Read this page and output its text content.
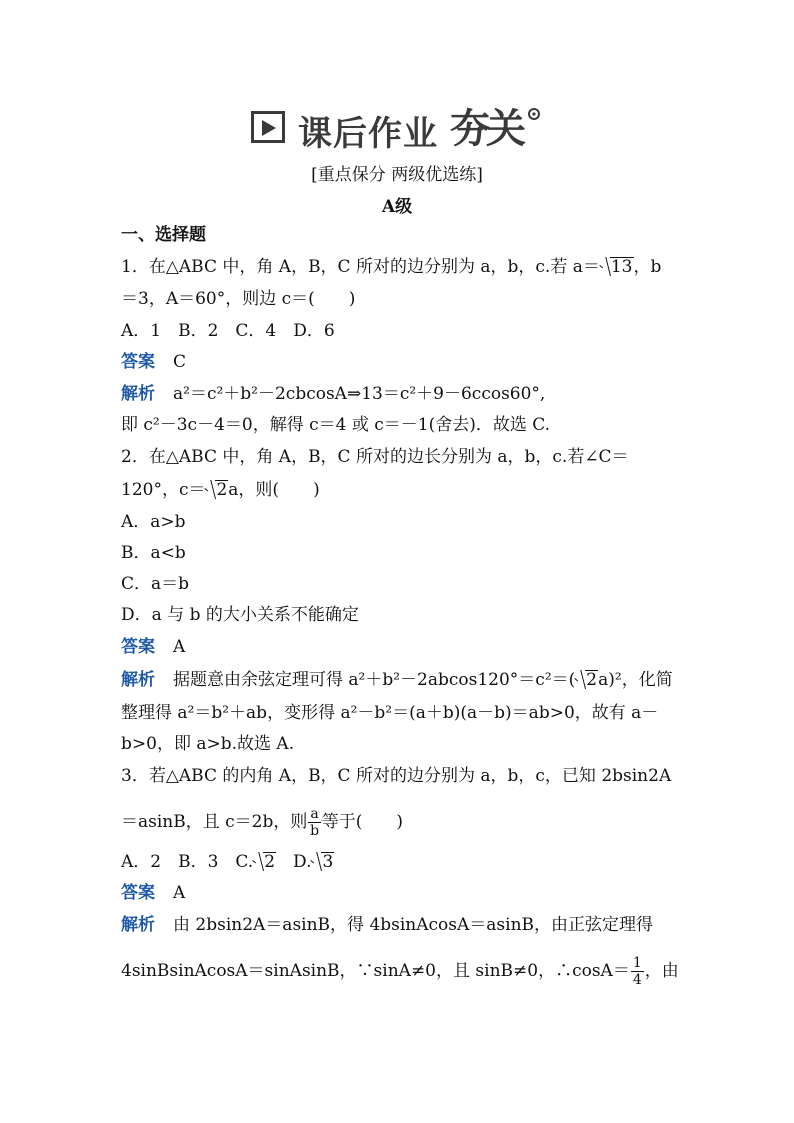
课后作业 夯关
[重点保分 两级优选练]
A级
一、选择题
1．在△ABC 中，角 A，B，C 所对的边分别为 a，b，c.若 a＝ 13，b
＝3，A＝60°，则边 c＝(　　)
A．1　B．2　C．4　D．6
答案 C
解析 a²＝c²＋b²－2cbcosA⇒13＝c²＋9－6ccos60°,
即 c²－3c－4＝0，解得 c＝4 或 c＝－1(舍去)．故选 C.
2．在△ABC 中，角 A，B，C 所对的边长分别为 a，b，c.若∠C＝
120°，c＝ 2a，则(　　)
A．a>b
B．a<b
C．a＝b
D．a 与 b 的大小关系不能确定
答案 A
解析 据题意由余弦定理可得 a²＋b²－2abcos120°＝c²＝( 2a)²，化简
整理得 a²＝b²＋ab，变形得 a²－b²＝(a＋b)(a－b)＝ab>0，故有 a－
b>0，即 a>b.故选 A.
3．若△ABC 的内角 A，B，C 所对的边分别为 a，b，c，已知 2bsin2A
＝asinB，且 c＝2b，则 $\frac{a}{b}$ 等于(　　)
A．2　B．3　C. 2　D. 3
答案 A
解析 由 2bsin2A＝asinB，得 4bsinAcosA＝asinB，由正弦定理得
4sinBsinAcosA＝sinAsinB，∵sinA≠0，且 sinB≠0，∴cosA＝ $\frac{1}{4}$ ，由
